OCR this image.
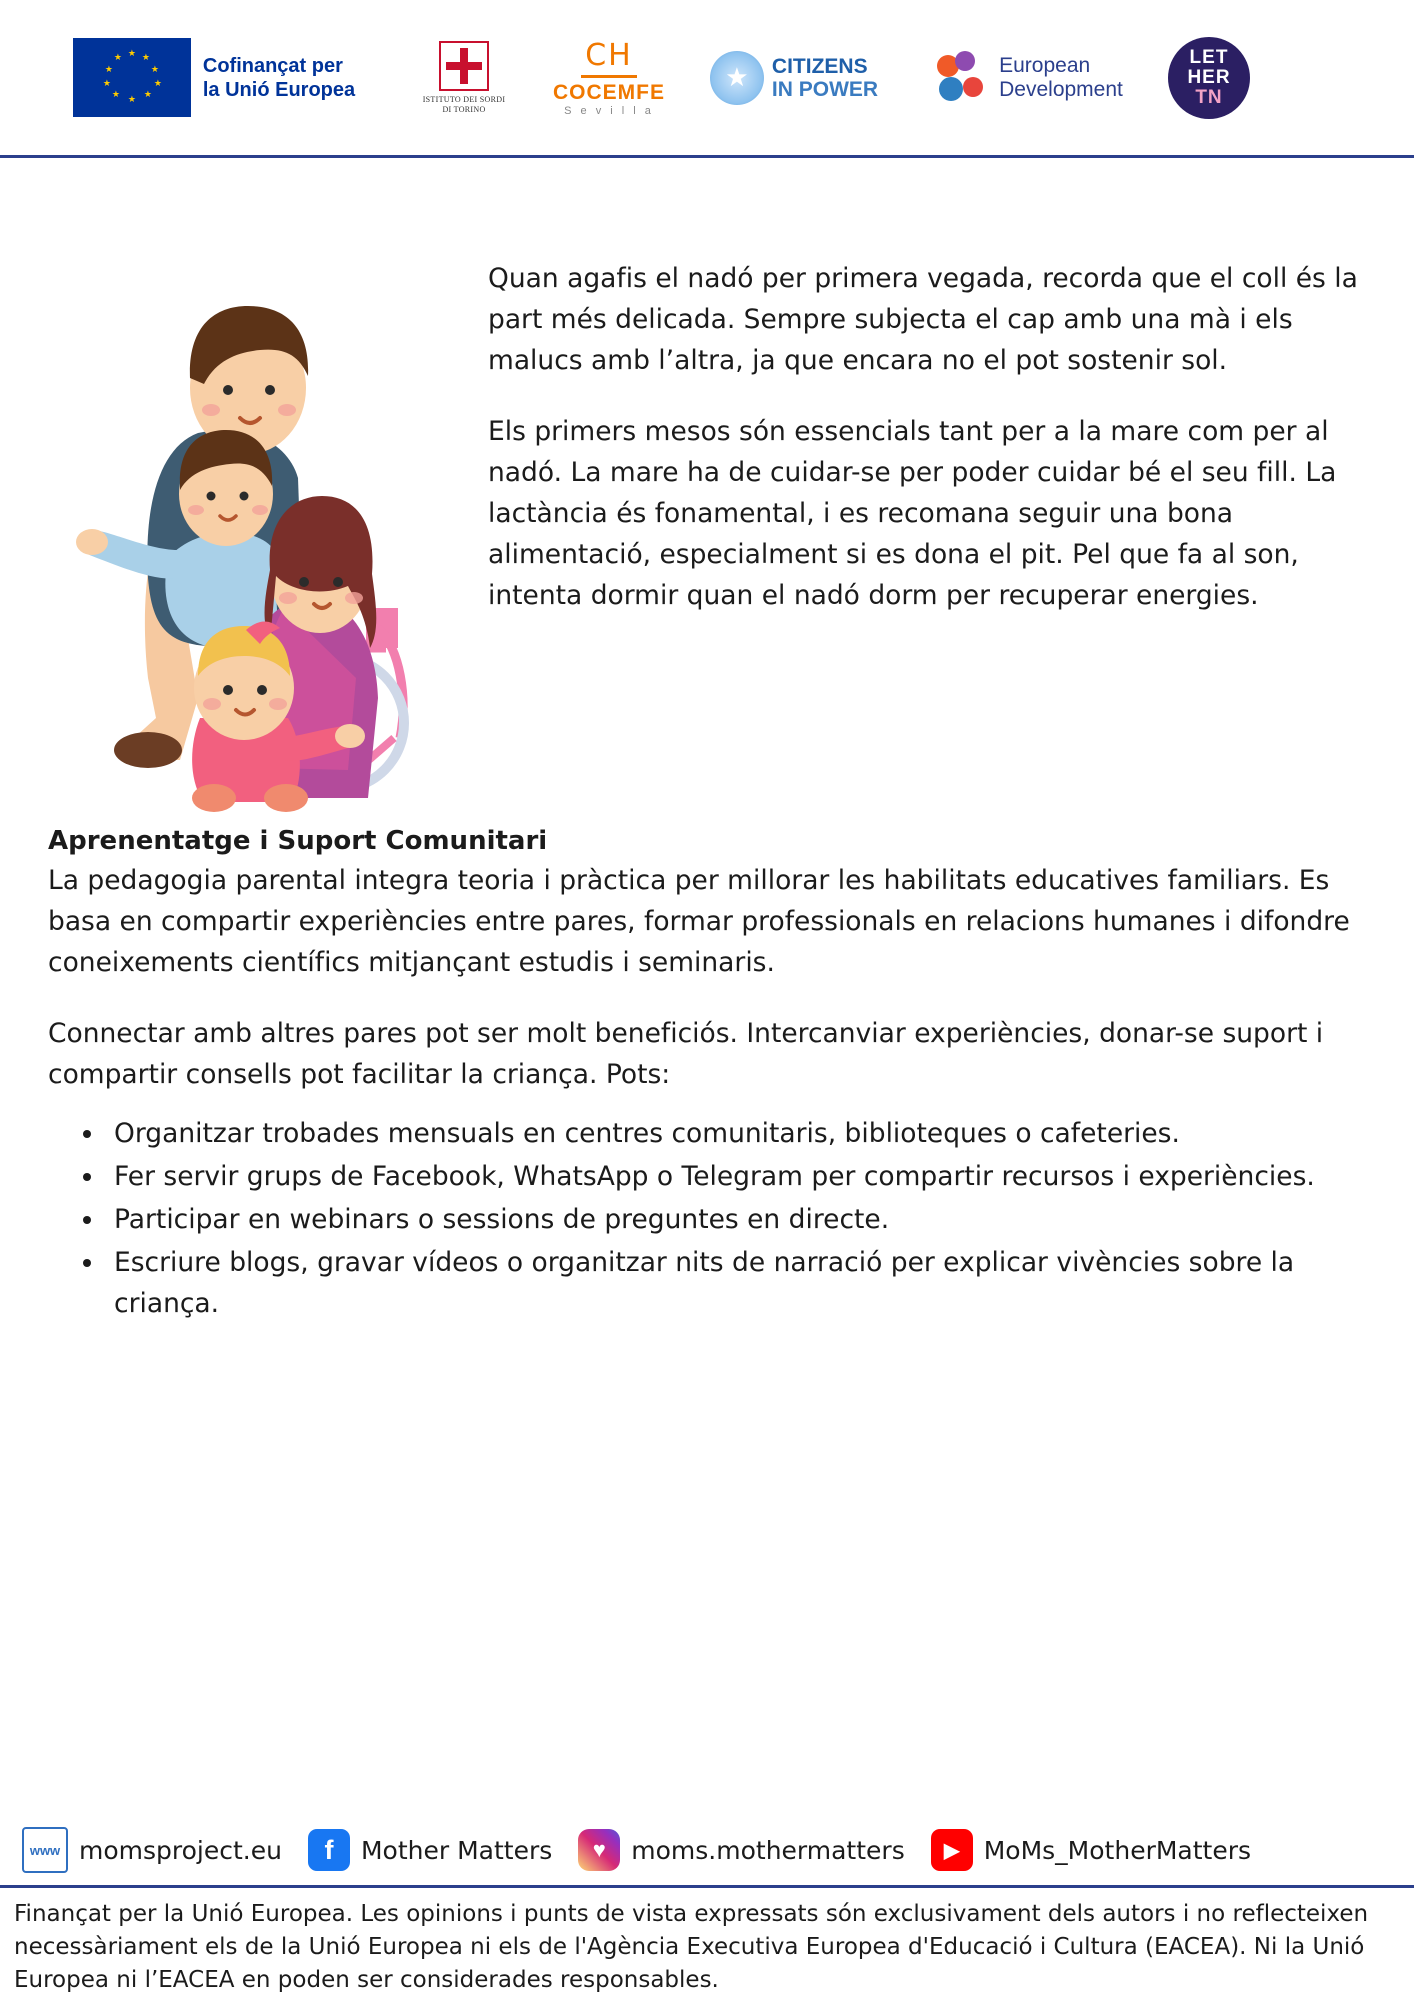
★ ★
★
★
★
★
★
★
★
★	Cofinançat per
la Unió Europea	ISTITUTO DEI SORDI
DI TORINO
CH
COCEMFE
S e v i l l a
★
CITIZENS
IN POWER
European
Development
LET
HER
TN

Quan agafis el nadó per primera vegada, recorda que el coll és la part més delicada. Sempre subjecta el cap amb una mà i els malucs amb l’altra, ja que encara no el pot sostenir sol.

Els primers mesos són essencials tant per a la mare com per al nadó. La mare ha de cuidar-se per poder cuidar bé el seu fill. La lactància és fonamental, i es recomana seguir una bona alimentació, especialment si es dona el pit. Pel que fa al son, intenta dormir quan el nadó dorm per recuperar energies.

Aprenentatge i Suport Comunitari

La pedagogia parental integra teoria i pràctica per millorar les habilitats educatives familiars. Es basa en compartir experiències entre pares, formar professionals en relacions humanes i difondre coneixements científics mitjançant estudis i seminaris.

Connectar amb altres pares pot ser molt beneficiós. Intercanviar experiències, donar-se suport i compartir consells pot facilitar la criança. Pots:

• Organitzar trobades mensuals en centres comunitaris, biblioteques o cafeteries.
• Fer servir grups de Facebook, WhatsApp o Telegram per compartir recursos i experiències.
• Participar en webinars o sessions de preguntes en directe.
• Escriure blogs, gravar vídeos o organitzar nits de narració per explicar vivències sobre la criança.
www momsproject.eu	f	Mother Matters	♥	moms.mothermatters	▶ MoMs_MotherMatters
Finançat per la Unió Europea. Les opinions i punts de vista expressats són exclusivament dels autors i no reflecteixen necessàriament els de la Unió Europea ni els de l'Agència Executiva Europea d'Educació i Cultura (EACEA). Ni la Unió Europea ni l’EACEA en poden ser considerades responsables.
